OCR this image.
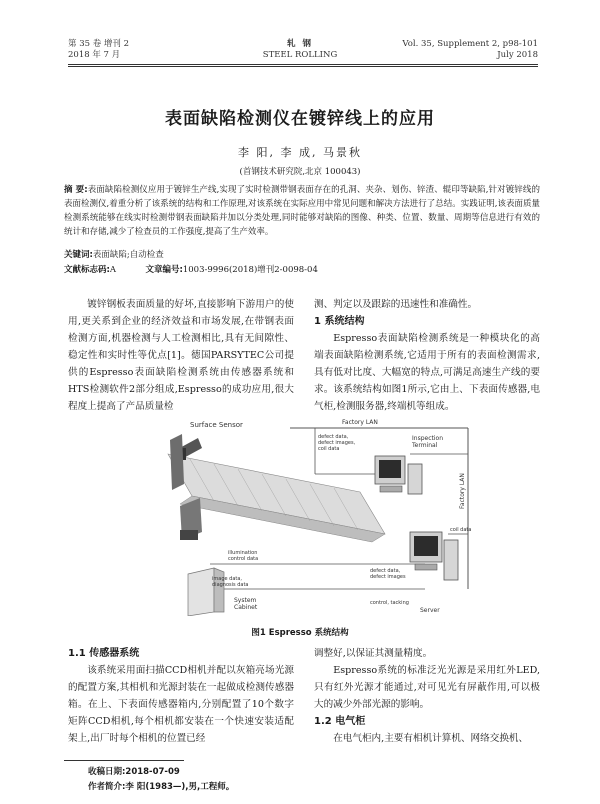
第 35 卷 增刊 2
2018 年 7 月
轧 钢
STEEL ROLLING
Vol. 35, Supplement 2, p98-101
July 2018
表面缺陷检测仪在镀锌线上的应用
李 阳, 李 成, 马景秋
(首钢技术研究院,北京 100043)
摘 要:表面缺陷检测仪应用于镀锌生产线,实现了实时检测带钢表面存在的孔洞、夹杂、划伤、锌渣、辊印等缺陷,针对镀锌线的表面检测仪,着重分析了该系统的结构和工作原理,对该系统在实际应用中常见问题和解决方法进行了总结。实践证明,该表面质量检测系统能够在线实时检测带钢表面缺陷并加以分类处理,同时能够对缺陷的图像、种类、位置、数量、周期等信息进行有效的统计和存储,减少了检查员的工作强度,提高了生产效率。
关键词:表面缺陷;自动检查
文献标志码:A	文章编号:1003-9996(2018)增刊2-0098-04

镀锌钢板表面质量的好坏,直接影响下游用户的使用,更关系到企业的经济效益和市场发展,在带钢表面检测方面,机器检测与人工检测相比,具有无间隙性、稳定性和实时性等优点[1]。德国PARSYTEC公司提供的Espresso表面缺陷检测系统由传感器系统和HTS检测软件2部分组成,Espresso的成功应用,很大程度上提高了产品质量检

测、判定以及跟踪的迅速性和准确性。
1 系统结构

Espresso表面缺陷检测系统是一种模块化的高端表面缺陷检测系统,它适用于所有的表面检测需求,具有低对比度、大幅宽的特点,可满足高速生产线的要求。该系统结构如图1所示,它由上、下表面传感器,电气柜,检测服务器,终端机等组成。

Surface Sensor	Factory LAN
Factory LAN
defect data,
defect images,
coil data
Inspection
Terminal
illumination
control data
image data,
diagnosis data
coil data
defect data,
defect images
control, tacking
Server
System
Cabinet
图1 Espresso 系统结构
1.1 传感器系统

该系统采用面扫描CCD相机并配以灰箱亮场光源的配置方案,其相机和光源封装在一起做成检测传感器箱。在上、下表面传感器箱内,分别配置了10个数字矩阵CCD相机,每个相机都安装在一个快速安装适配架上,出厂时每个相机的位置已经

调整好,以保证其测量精度。

Espresso系统的标准泛光光源是采用红外LED,只有红外光源才能通过,对可见光有屏蔽作用,可以极大的减少外部光源的影响。

1.2 电气柜

在电气柜内,主要有相机计算机、网络交换机、

收稿日期:2018-07-09
作者简介:李 阳(1983—),男,工程师。
